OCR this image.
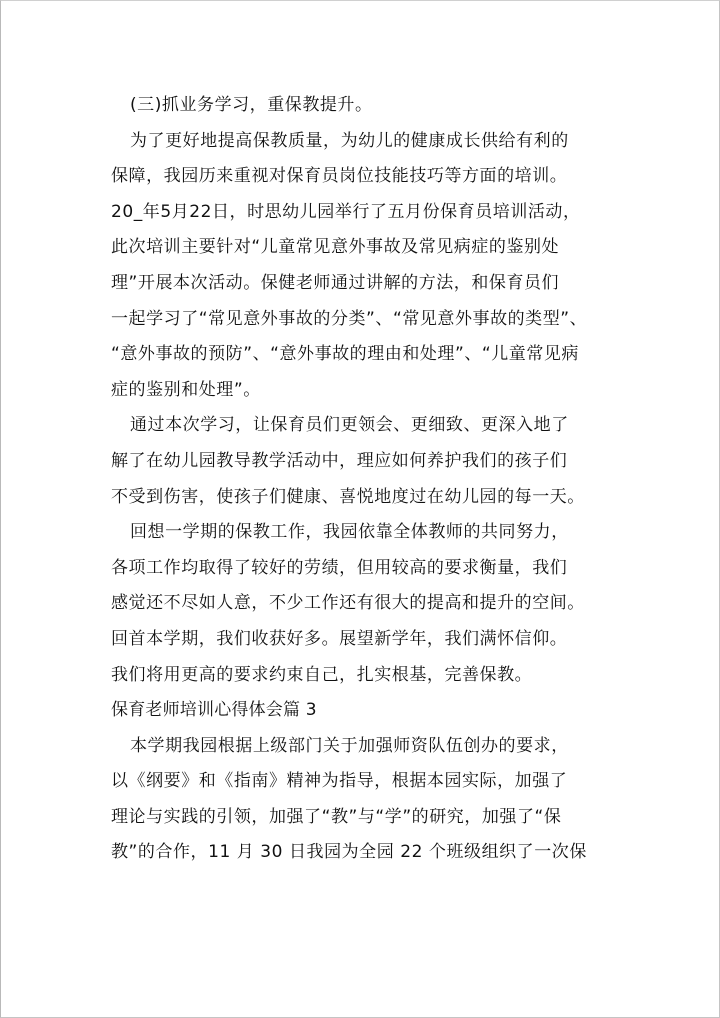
(三)抓业务学习，重保教提升。
为了更好地提高保教质量，为幼儿的健康成长供给有利的
保障，我园历来重视对保育员岗位技能技巧等方面的培训。
20_年5月22日，时思幼儿园举行了五月份保育员培训活动，
此次培训主要针对“儿童常见意外事故及常见病症的鉴别处
理”开展本次活动。保健老师通过讲解的方法，和保育员们
一起学习了“常见意外事故的分类”、“常见意外事故的类型”、
“意外事故的预防”、“意外事故的理由和处理”、“儿童常见病
症的鉴别和处理”。
通过本次学习，让保育员们更领会、更细致、更深入地了
解了在幼儿园教导教学活动中，理应如何养护我们的孩子们
不受到伤害，使孩子们健康、喜悦地度过在幼儿园的每一天。
回想一学期的保教工作，我园依靠全体教师的共同努力，
各项工作均取得了较好的劳绩，但用较高的要求衡量，我们
感觉还不尽如人意，不少工作还有很大的提高和提升的空间。
回首本学期，我们收获好多。展望新学年，我们满怀信仰。
我们将用更高的要求约束自己，扎实根基，完善保教。
保育老师培训心得体会篇 3
本学期我园根据上级部门关于加强师资队伍创办的要求，
以《纲要》和《指南》精神为指导，根据本园实际，加强了
理论与实践的引领，加强了“教”与“学”的研究，加强了“保
教”的合作，11 月 30 日我园为全园 22 个班级组织了一次保
